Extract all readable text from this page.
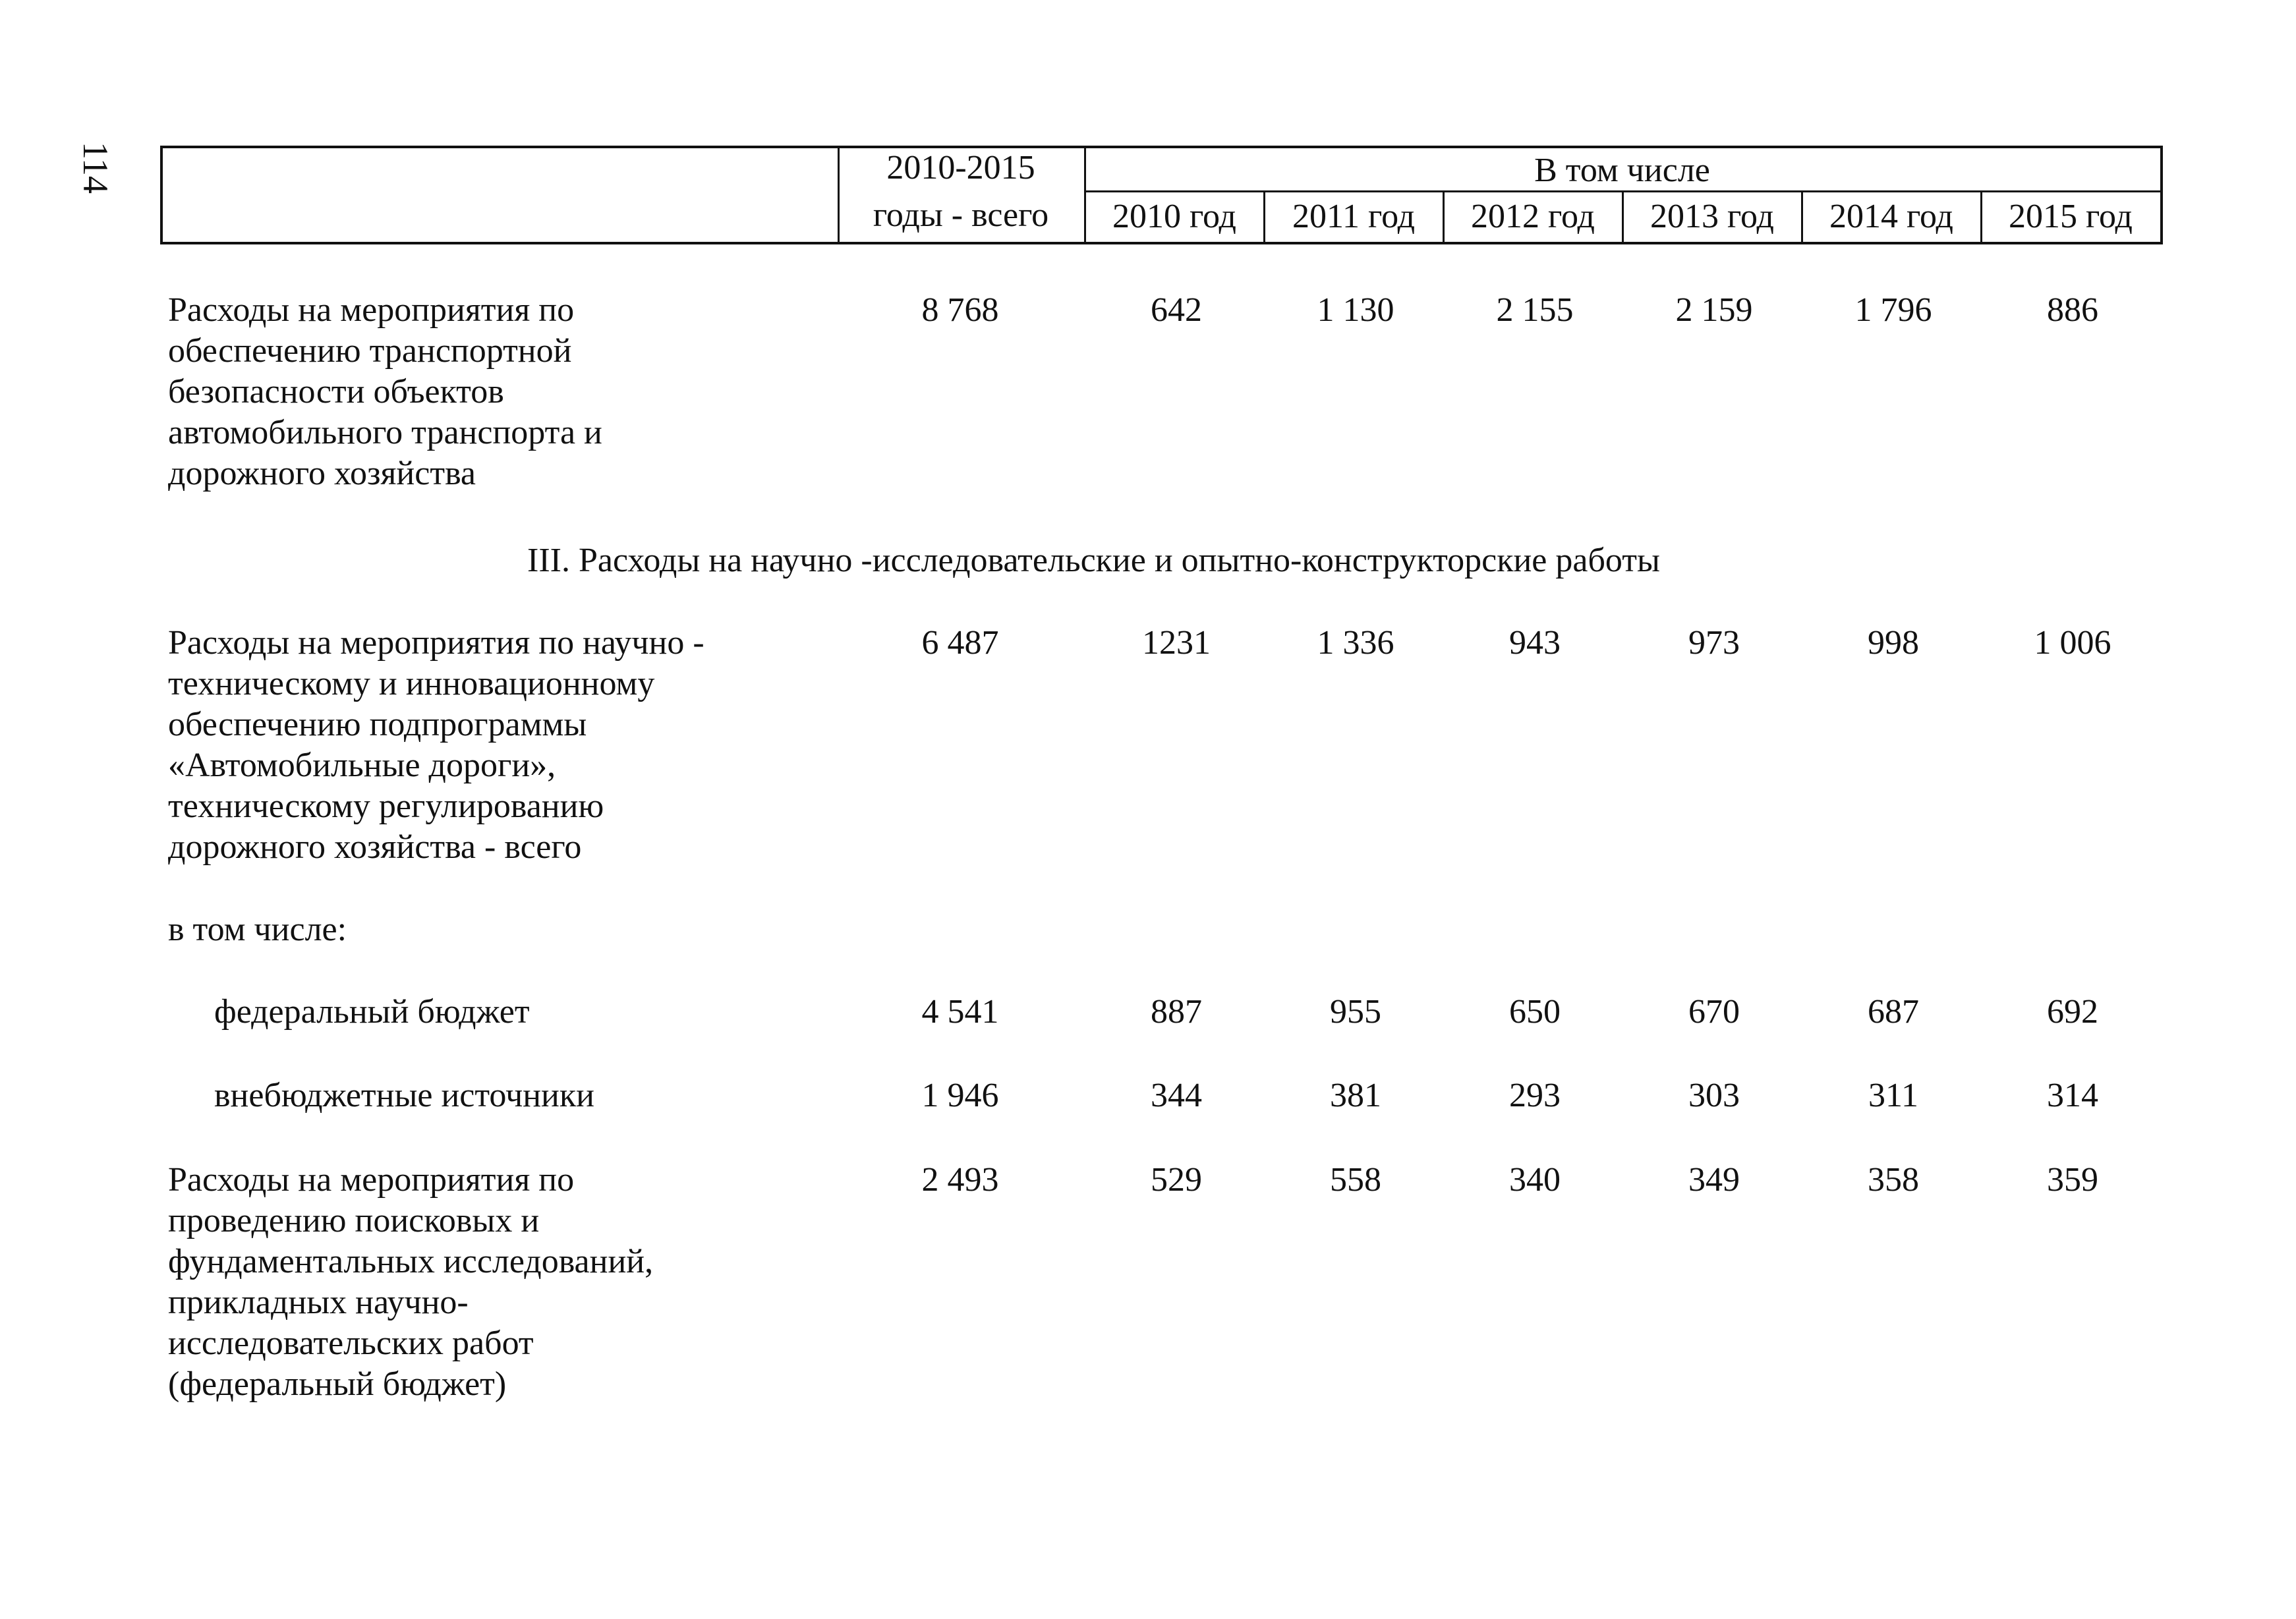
114	2010-2015
годы - всего
В том числе
2010 год	2011 год	2012 год	2013 год	2014 год	2015 год
Расходы на мероприятия по
обеспечению транспортной
безопасности объектов
автомобильного транспорта и
дорожного хозяйства
8 768	642	1 130	2 155	2 159	1 796	886
III. Расходы на научно -исследовательские и опытно-конструкторские работы
Расходы на мероприятия по научно -
техническому и инновационному
обеспечению подпрограммы
«Автомобильные дороги»,
техническому регулированию
дорожного хозяйства - всего
6 487	1231	1 336	943	973	998	1 006
в том числе:
федеральный бюджет	4 541	887	955	650	670	687	692
внебюджетные источники	1 946	344	381	293	303	311	314
Расходы на мероприятия по
проведению поисковых и
фундаментальных исследований,
прикладных научно-
исследовательских работ
(федеральный бюджет)
2 493	529	558	340	349	358	359
